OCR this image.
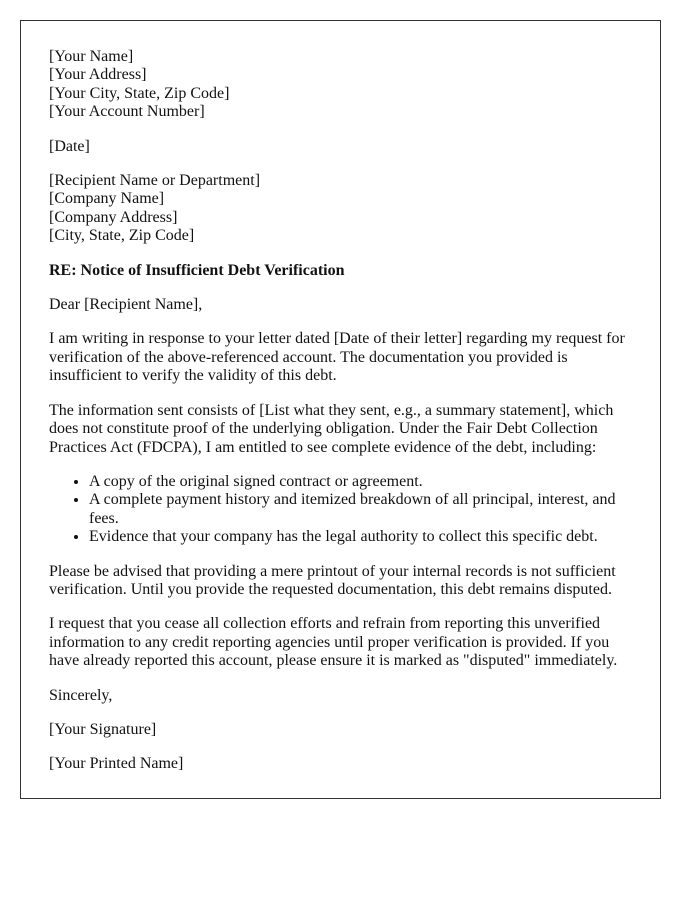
[Your Name]
[Your Address]
[Your City, State, Zip Code]
[Your Account Number]

[Date]

[Recipient Name or Department]
[Company Name]
[Company Address]
[City, State, Zip Code]

RE: Notice of Insufficient Debt Verification

Dear [Recipient Name],

I am writing in response to your letter dated [Date of their letter] regarding my request for verification of the above-referenced account. The documentation you provided is insufficient to verify the validity of this debt.

The information sent consists of [List what they sent, e.g., a summary statement], which does not constitute proof of the underlying obligation. Under the Fair Debt Collection Practices Act (FDCPA), I am entitled to see complete evidence of the debt, including:

• A copy of the original signed contract or agreement.
• A complete payment history and itemized breakdown of all principal, interest, and fees.
• Evidence that your company has the legal authority to collect this specific debt.

Please be advised that providing a mere printout of your internal records is not sufficient verification. Until you provide the requested documentation, this debt remains disputed.

I request that you cease all collection efforts and refrain from reporting this unverified information to any credit reporting agencies until proper verification is provided. If you have already reported this account, please ensure it is marked as "disputed" immediately.

Sincerely,

[Your Signature]

[Your Printed Name]
